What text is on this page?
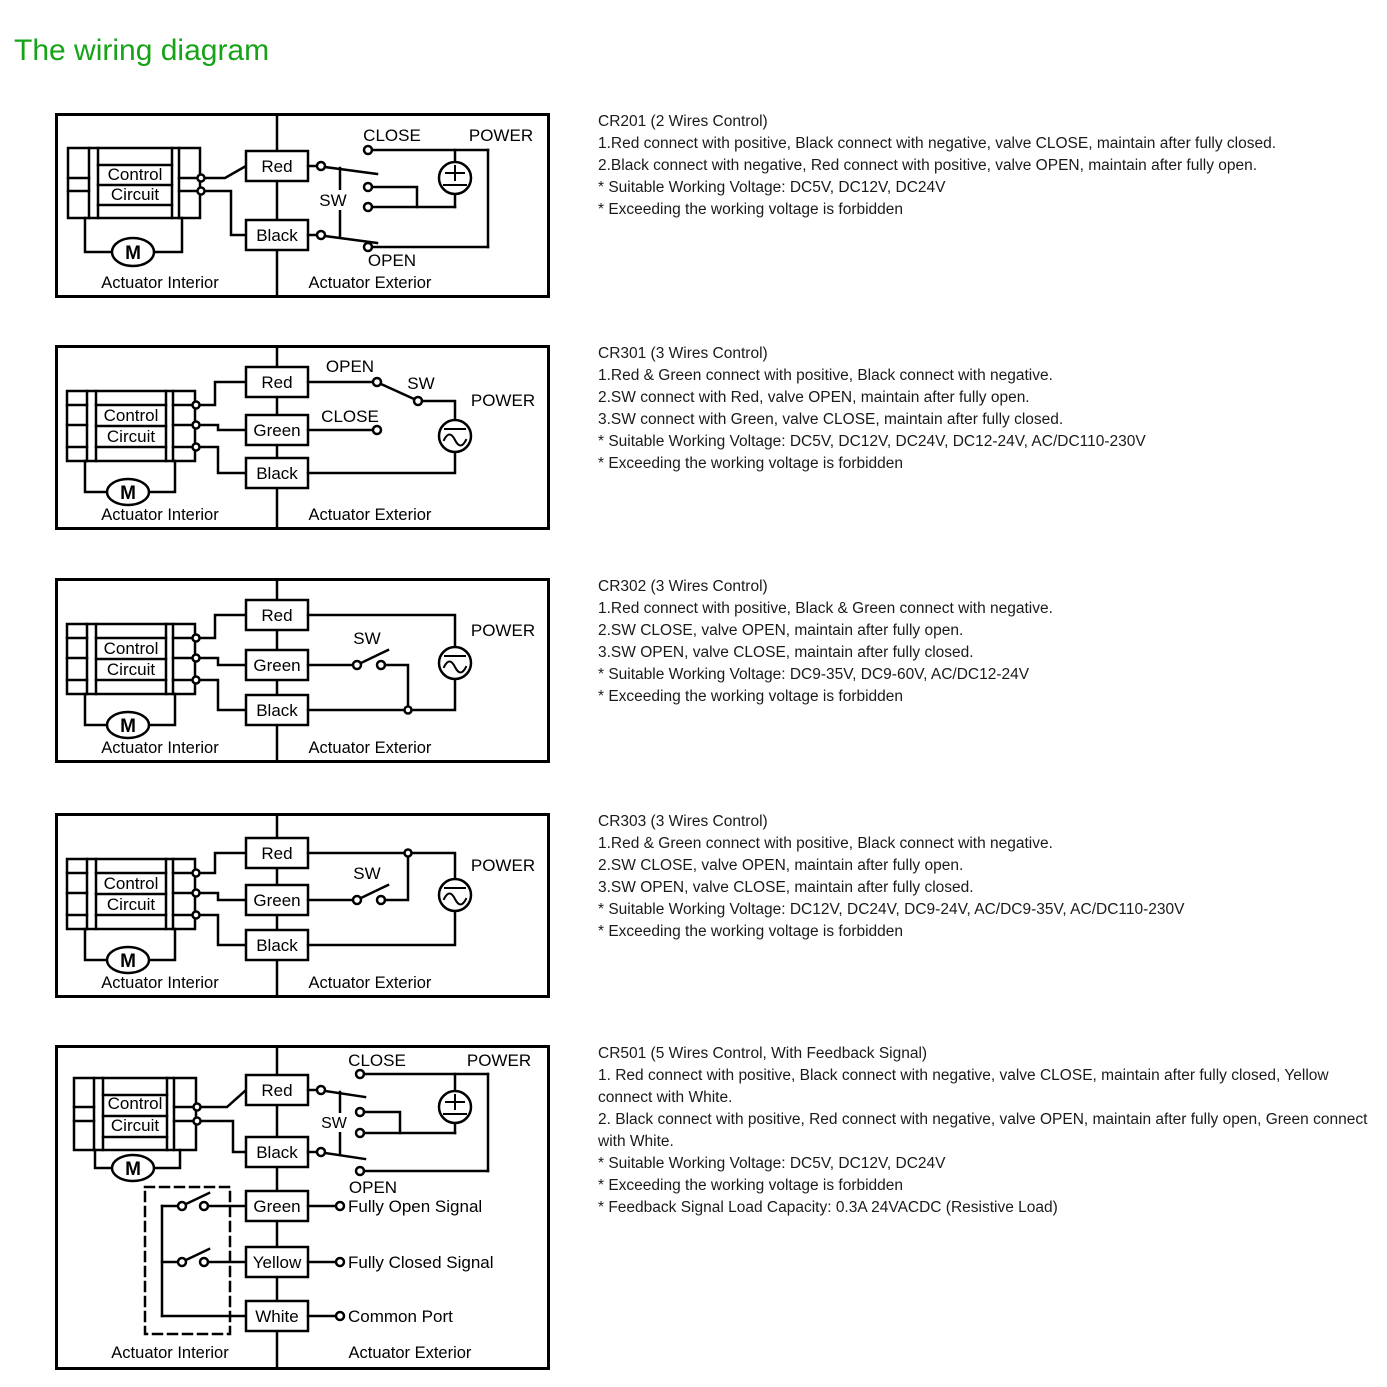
The wiring diagram
SW
Control
Circuit
M
Red
Black
CLOSE	POWER
OPEN
Actuator Interior	Actuator Exterior
CR201 (2 Wires Control)
1.Red connect with positive, Black connect with negative, valve CLOSE, maintain after fully closed.
2.Black connect with negative, Red connect with positive, valve OPEN, maintain after fully open.
* Suitable Working Voltage: DC5V, DC12V, DC24V
* Exceeding the working voltage is forbidden
Control
Circuit
M
Red
Green
Black
OPEN
SW
CLOSE
POWER
Actuator Interior	Actuator Exterior
CR301 (3 Wires Control)
1.Red & Green connect with positive, Black connect with negative.
2.SW connect with Red, valve OPEN, maintain after fully open.
3.SW connect with Green, valve CLOSE, maintain after fully closed.
* Suitable Working Voltage: DC5V, DC12V, DC24V, DC12-24V, AC/DC110-230V
* Exceeding the working voltage is forbidden
Control
Circuit
M
Red
Green
Black
SW	POWER
Actuator Interior	Actuator Exterior
CR302 (3 Wires Control)
1.Red connect with positive, Black & Green connect with negative.
2.SW CLOSE, valve OPEN, maintain after fully open.
3.SW OPEN, valve CLOSE, maintain after fully closed.
* Suitable Working Voltage: DC9-35V, DC9-60V, AC/DC12-24V
* Exceeding the working voltage is forbidden
Control
Circuit
M
Red
Green
Black
SW	POWER
Actuator Interior	Actuator Exterior
CR303 (3 Wires Control)
1.Red & Green connect with positive, Black connect with negative.
2.SW CLOSE, valve OPEN, maintain after fully open.
3.SW OPEN, valve CLOSE, maintain after fully closed.
* Suitable Working Voltage: DC12V, DC24V, DC9-24V, AC/DC9-35V, AC/DC110-230V
* Exceeding the working voltage is forbidden
SW
Control
Circuit
M
Red
Black
CLOSE	POWER
OPEN
Green
Yellow
White
Fully Open Signal
Fully Closed Signal
Common Port
Actuator Interior	Actuator Exterior
CR501 (5 Wires Control, With Feedback Signal)
1. Red connect with positive, Black connect with negative, valve CLOSE, maintain after fully closed, Yellow connect with White.
2. Black connect with positive, Red connect with negative, valve OPEN, maintain after fully open, Green connect with White.
* Suitable Working Voltage: DC5V, DC12V, DC24V
* Exceeding the working voltage is forbidden
* Feedback Signal Load Capacity: 0.3A 24VACDC (Resistive Load)
